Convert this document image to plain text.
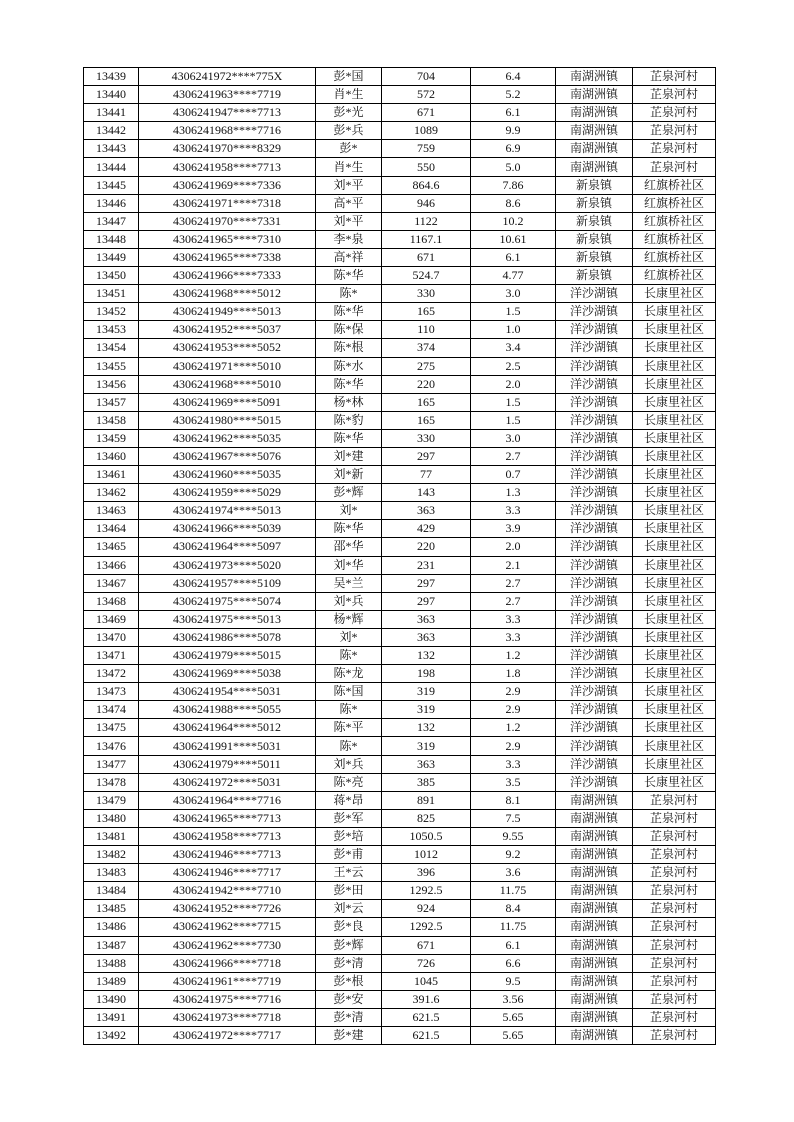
13439	4306241972****775X	彭*国	704	6.4	南湖洲镇	芷泉河村
13440	4306241963****7719	肖*生	572	5.2	南湖洲镇	芷泉河村
13441	4306241947****7713	彭*光	671	6.1	南湖洲镇	芷泉河村
13442	4306241968****7716	彭*兵	1089	9.9	南湖洲镇	芷泉河村
13443	4306241970****8329	彭*	759	6.9	南湖洲镇	芷泉河村
13444	4306241958****7713	肖*生	550	5.0	南湖洲镇	芷泉河村
13445	4306241969****7336	刘*平	864.6	7.86	新泉镇	红旗桥社区
13446	4306241971****7318	高*平	946	8.6	新泉镇	红旗桥社区
13447	4306241970****7331	刘*平	1122	10.2	新泉镇	红旗桥社区
13448	4306241965****7310	李*泉	1167.1	10.61	新泉镇	红旗桥社区
13449	4306241965****7338	高*祥	671	6.1	新泉镇	红旗桥社区
13450	4306241966****7333	陈*华	524.7	4.77	新泉镇	红旗桥社区
13451	4306241968****5012	陈*	330	3.0	洋沙湖镇	长康里社区
13452	4306241949****5013	陈*华	165	1.5	洋沙湖镇	长康里社区
13453	4306241952****5037	陈*保	110	1.0	洋沙湖镇	长康里社区
13454	4306241953****5052	陈*根	374	3.4	洋沙湖镇	长康里社区
13455	4306241971****5010	陈*水	275	2.5	洋沙湖镇	长康里社区
13456	4306241968****5010	陈*华	220	2.0	洋沙湖镇	长康里社区
13457	4306241969****5091	杨*林	165	1.5	洋沙湖镇	长康里社区
13458	4306241980****5015	陈*豹	165	1.5	洋沙湖镇	长康里社区
13459	4306241962****5035	陈*华	330	3.0	洋沙湖镇	长康里社区
13460	4306241967****5076	刘*建	297	2.7	洋沙湖镇	长康里社区
13461	4306241960****5035	刘*新	77	0.7	洋沙湖镇	长康里社区
13462	4306241959****5029	彭*辉	143	1.3	洋沙湖镇	长康里社区
13463	4306241974****5013	刘*	363	3.3	洋沙湖镇	长康里社区
13464	4306241966****5039	陈*华	429	3.9	洋沙湖镇	长康里社区
13465	4306241964****5097	邵*华	220	2.0	洋沙湖镇	长康里社区
13466	4306241973****5020	刘*华	231	2.1	洋沙湖镇	长康里社区
13467	4306241957****5109	吴*兰	297	2.7	洋沙湖镇	长康里社区
13468	4306241975****5074	刘*兵	297	2.7	洋沙湖镇	长康里社区
13469	4306241975****5013	杨*辉	363	3.3	洋沙湖镇	长康里社区
13470	4306241986****5078	刘*	363	3.3	洋沙湖镇	长康里社区
13471	4306241979****5015	陈*	132	1.2	洋沙湖镇	长康里社区
13472	4306241969****5038	陈*龙	198	1.8	洋沙湖镇	长康里社区
13473	4306241954****5031	陈*国	319	2.9	洋沙湖镇	长康里社区
13474	4306241988****5055	陈*	319	2.9	洋沙湖镇	长康里社区
13475	4306241964****5012	陈*平	132	1.2	洋沙湖镇	长康里社区
13476	4306241991****5031	陈*	319	2.9	洋沙湖镇	长康里社区
13477	4306241979****5011	刘*兵	363	3.3	洋沙湖镇	长康里社区
13478	4306241972****5031	陈*亮	385	3.5	洋沙湖镇	长康里社区
13479	4306241964****7716	蒋*昂	891	8.1	南湖洲镇	芷泉河村
13480	4306241965****7713	彭*军	825	7.5	南湖洲镇	芷泉河村
13481	4306241958****7713	彭*培	1050.5	9.55	南湖洲镇	芷泉河村
13482	4306241946****7713	彭*甫	1012	9.2	南湖洲镇	芷泉河村
13483	4306241946****7717	王*云	396	3.6	南湖洲镇	芷泉河村
13484	4306241942****7710	彭*田	1292.5	11.75	南湖洲镇	芷泉河村
13485	4306241952****7726	刘*云	924	8.4	南湖洲镇	芷泉河村
13486	4306241962****7715	彭*良	1292.5	11.75	南湖洲镇	芷泉河村
13487	4306241962****7730	彭*辉	671	6.1	南湖洲镇	芷泉河村
13488	4306241966****7718	彭*清	726	6.6	南湖洲镇	芷泉河村
13489	4306241961****7719	彭*根	1045	9.5	南湖洲镇	芷泉河村
13490	4306241975****7716	彭*安	391.6	3.56	南湖洲镇	芷泉河村
13491	4306241973****7718	彭*清	621.5	5.65	南湖洲镇	芷泉河村
13492	4306241972****7717	彭*建	621.5	5.65	南湖洲镇	芷泉河村
